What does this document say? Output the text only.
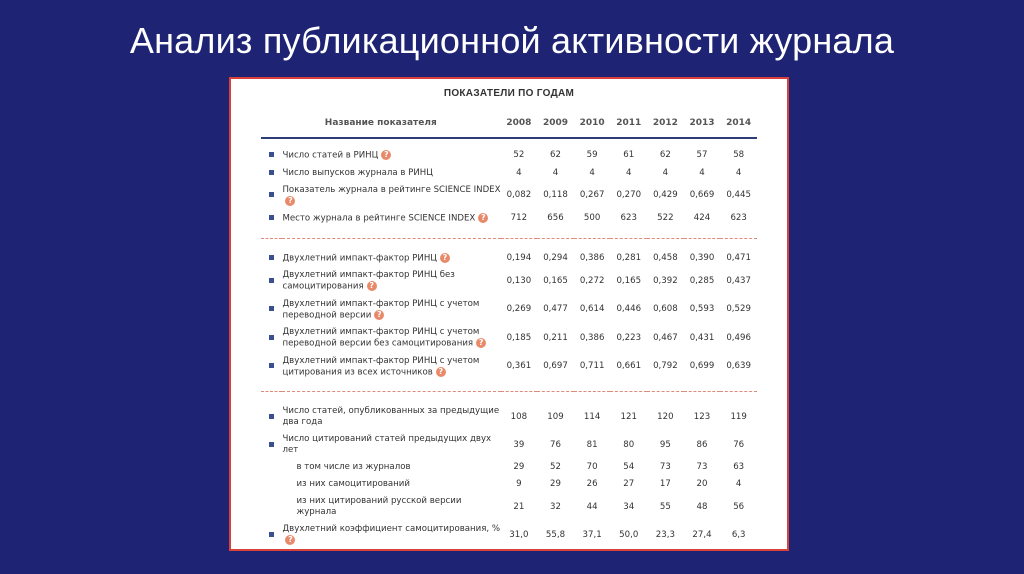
Анализ публикационной активности журнала
ПОКАЗАТЕЛИ ПО ГОДАМ
Название показателя		2008	2009	2010	2011	2012	2013	2014

	Число статей в РИНЦ ?	52	62	59	61	62	57	58
	Число выпусков журнала в РИНЦ	4	4	4	4	4	4	4
	Показатель журнала в рейтинге SCIENCE INDEX?	0,082	0,118	0,267	0,270	0,429	0,669	0,445
	Место журнала в рейтинге SCIENCE INDEX ?	712	656	500	623	522	424	623

	Двухлетний импакт-фактор РИНЦ ?	0,194	0,294	0,386	0,281	0,458	0,390	0,471
	Двухлетний импакт-фактор РИНЦ без самоцитирования ?	0,130	0,165	0,272	0,165	0,392	0,285	0,437
	Двухлетний импакт-фактор РИНЦ с учетом переводной версии ?	0,269	0,477	0,614	0,446	0,608	0,593	0,529
	Двухлетний импакт-фактор РИНЦ с учетом переводной версии без самоцитирования ?	0,185	0,211	0,386	0,223	0,467	0,431	0,496
	Двухлетний импакт-фактор РИНЦ с учетом цитирования из всех источников ?	0,361	0,697	0,711	0,661	0,792	0,699	0,639

	Число статей, опубликованных за предыдущие два года	108	109	114	121	120	123	119
	Число цитирований статей предыдущих двух лет	39	76	81	80	95	86	76
	в том числе из журналов	29	52	70	54	73	73	63
	из них самоцитирований	9	29	26	27	17	20	4
	из них цитирований русской версии журнала	21	32	44	34	55	48	56
	Двухлетний коэффициент самоцитирования, %?	31,0	55,8	37,1	50,0	23,3	27,4	6,3
